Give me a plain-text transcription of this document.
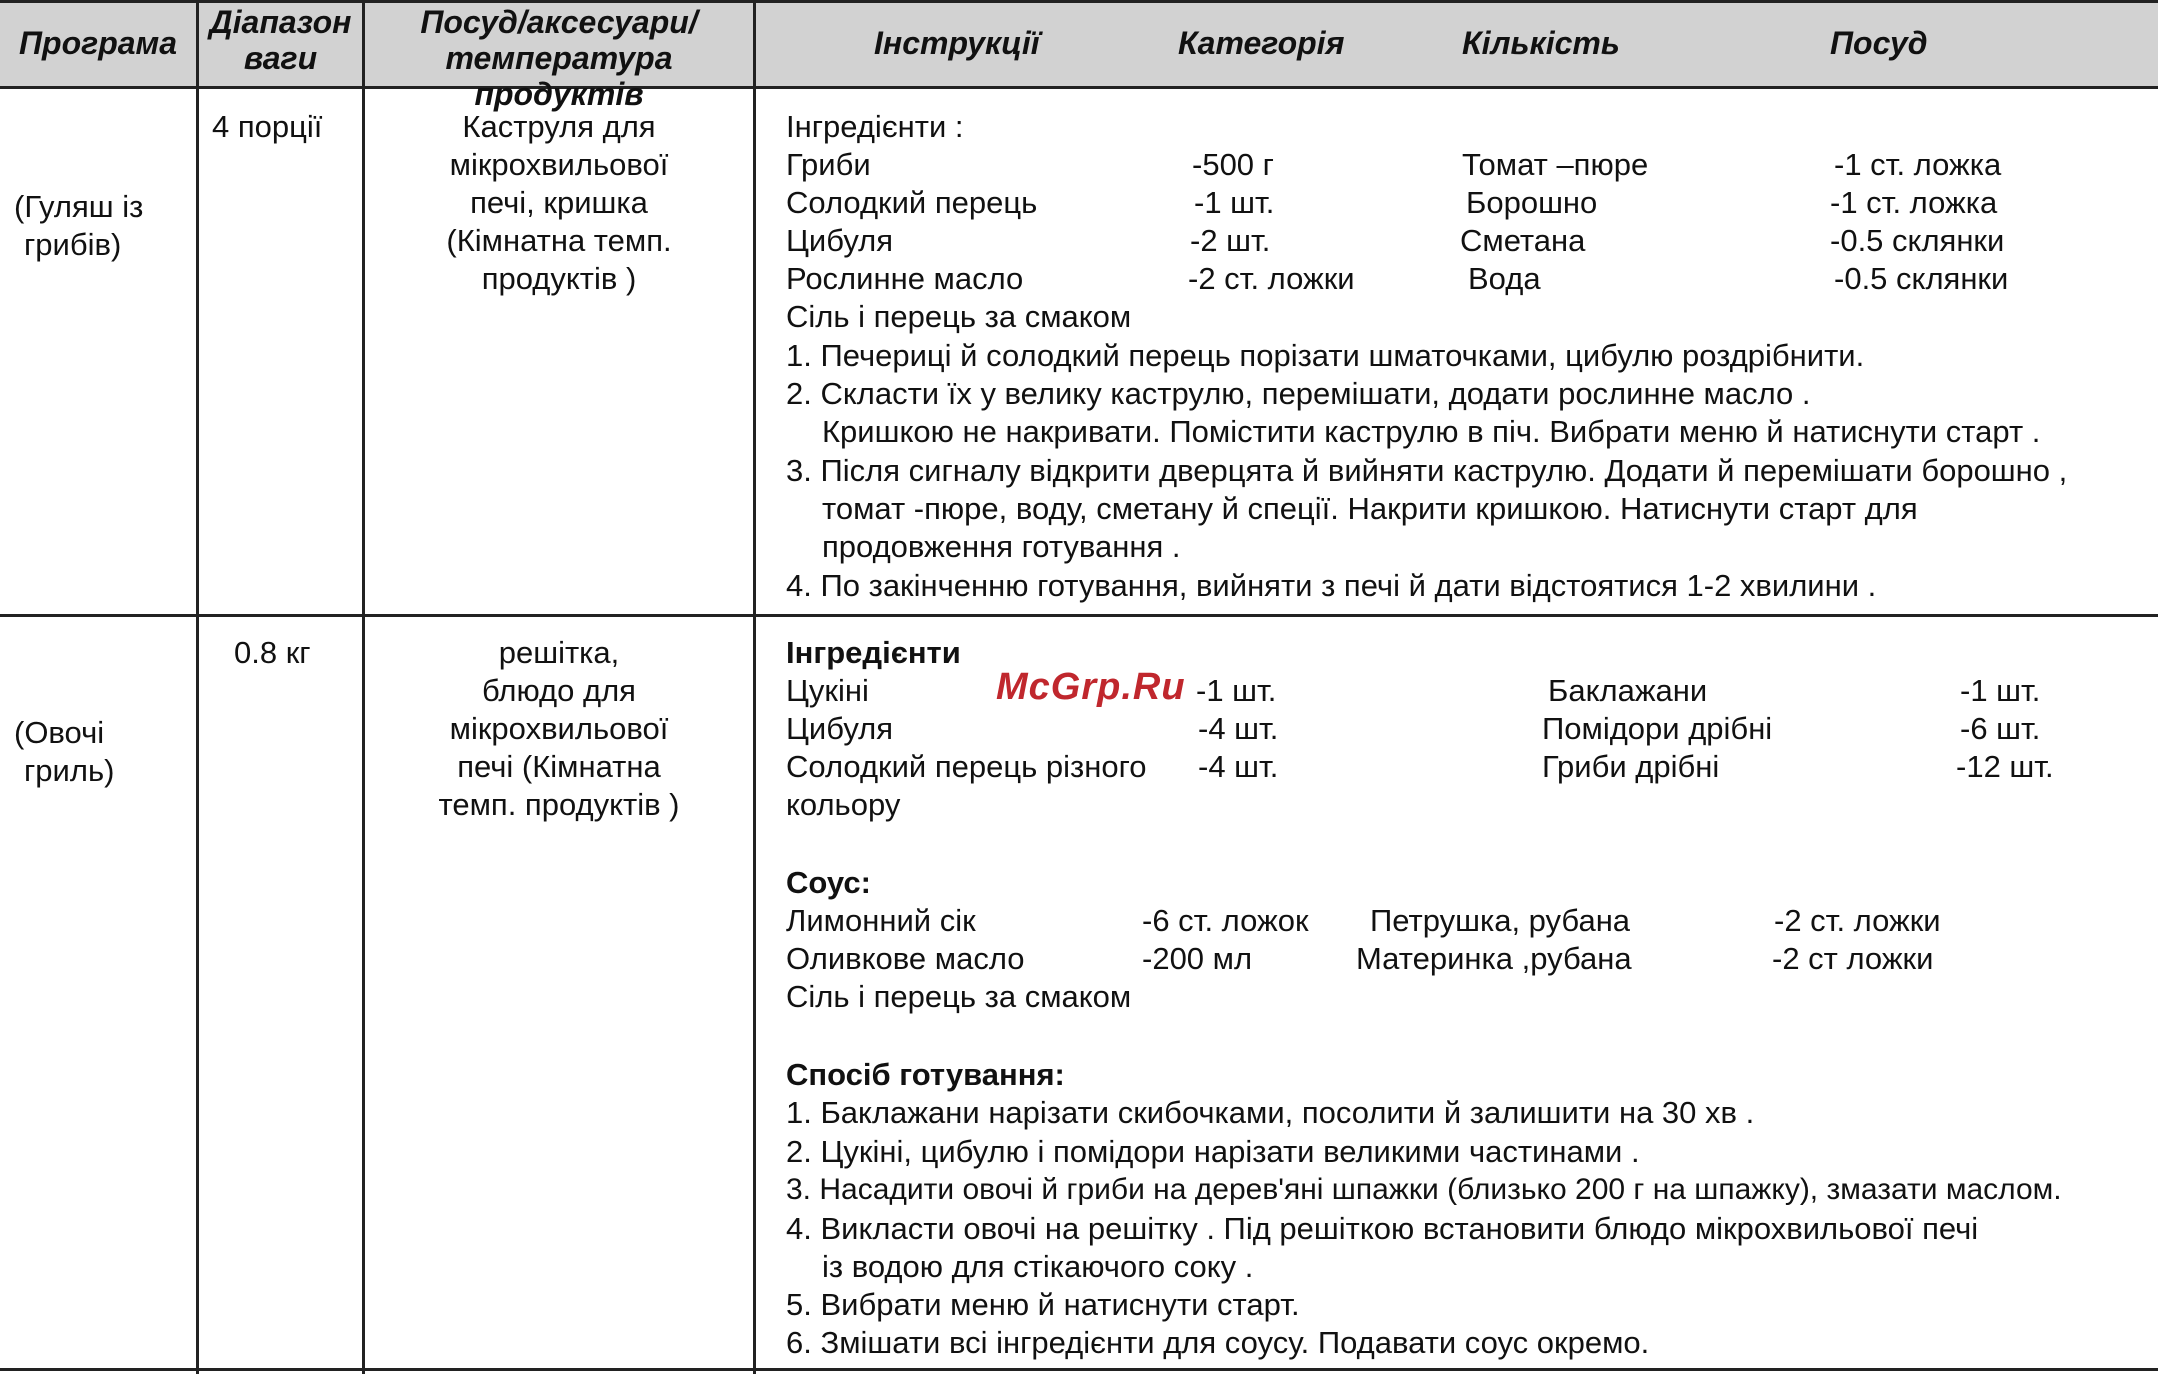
Програма
Діапазон
ваги
Посуд/аксесуари/
температура продуктів
Інструкції	Категорія	Кількість	Посуд
(Гуляш із
грибів)
4 порції	Каструля для
мікрохвильової
печі, кришка
(Кімнатна темп.
продуктів )
Інгредієнти :
Гриби	-500 г	Томат –пюре	-1 ст. ложка
Солодкий перець	-1 шт.	Борошно	-1 ст. ложка
Цибуля	-2 шт.	Сметана	-0.5 склянки
Рослинне масло	-2 ст. ложки	Вода	-0.5 склянки
Сіль і перець за смаком
1. Печериці й солодкий перець порізати шматочками, цибулю роздрібнити.
2. Скласти їх у велику каструлю, перемішати, додати рослинне масло .
Кришкою не накривати. Помістити каструлю в піч. Вибрати меню й натиснути старт .
3. Після сигналу відкрити дверцята й вийняти каструлю. Додати й перемішати борошно ,
томат -пюре, воду, сметану й спеції. Накрити кришкою. Натиснути старт для
продовження готування .
4. По закінченню готування, вийняти з печі й дати відстоятися 1-2 хвилини .
(Овочі
гриль)
0.8 кг	решітка,
блюдо для
мікрохвильової
печі (Кімнатна
темп. продуктів )
Інгредієнти
Цукіні	-1 шт.	Баклажани	-1 шт.
Цибуля	-4 шт.	Помідори дрібні	-6 шт.
Солодкий перець різного -4 шт.	Гриби дрібні	-12 шт.
кольору
Соус:
Лимонний сік	-6 ст. ложок Петрушка, рубана	-2 ст. ложки
Оливкове масло	-200 мл	Материнка ,рубана	-2 ст ложки
Сіль і перець за смаком
Спосіб готування:
1. Баклажани нарізати скибочками, посолити й залишити на 30 хв .
2. Цукіні, цибулю і помідори нарізати великими частинами .
3. Насадити овочі й гриби на дерев'яні шпажки (близько 200 г на шпажку), змазати маслом.
4. Викласти овочі на решітку . Під решіткою встановити блюдо мікрохвильової печі
із водою для стікаючого соку .
5. Вибрати меню й натиснути старт.
6. Змішати всі інгредієнти для соусу. Подавати соус окремо.
McGrp.Ru
